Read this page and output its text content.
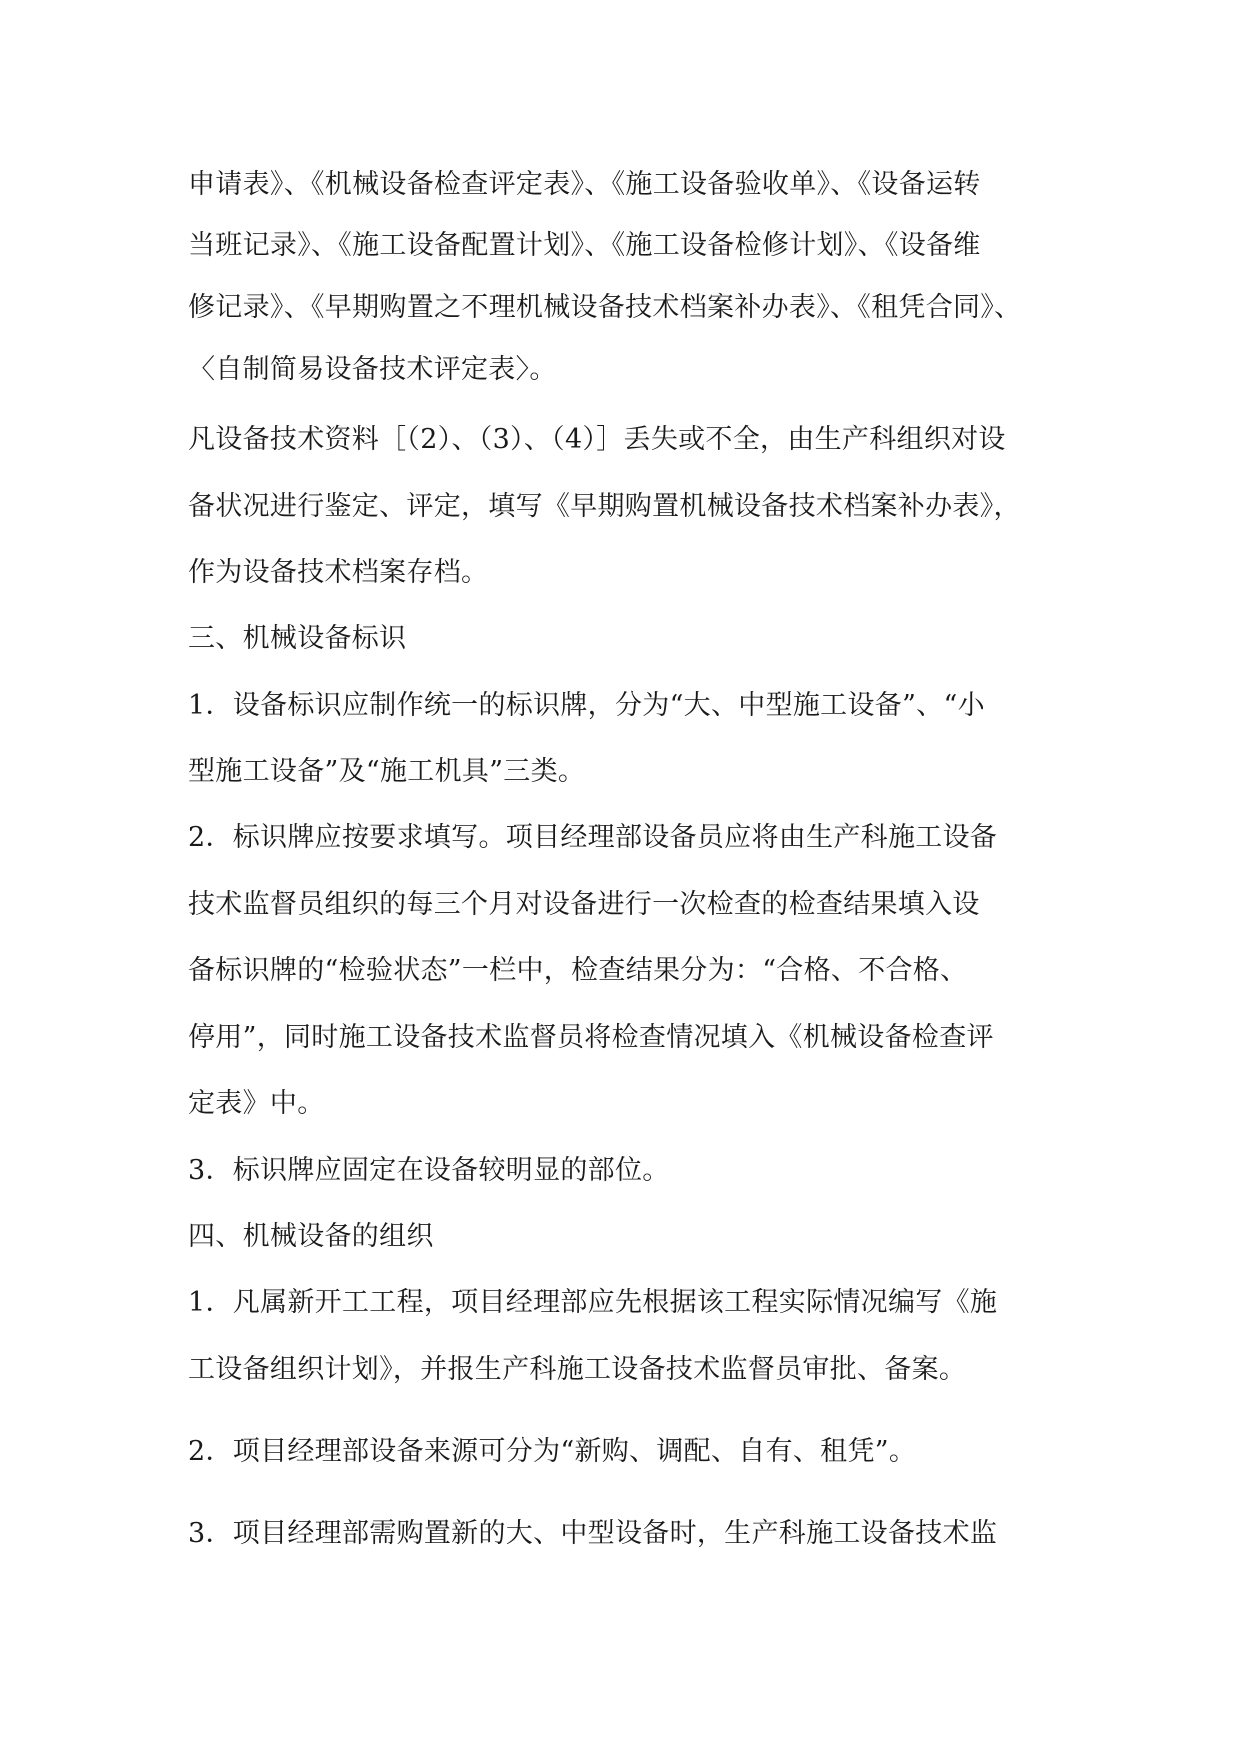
申请表》、《机械设备检查评定表》、《施工设备验收单》、《设备运转
当班记录》、《施工设备配置计划》、《施工设备检修计划》、《设备维
修记录》、《早期购置之不理机械设备技术档案补办表》、《租凭合同》、
〈自制简易设备技术评定表〉。
凡设备技术资料［（2）、（3）、（4）］丢失或不全，由生产科组织对设
备状况进行鉴定、评定，填写《早期购置机械设备技术档案补办表》，
作为设备技术档案存档。
三、机械设备标识
1．设备标识应制作统一的标识牌，分为“大、中型施工设备”、“小
型施工设备”及“施工机具”三类。
2．标识牌应按要求填写。项目经理部设备员应将由生产科施工设备
技术监督员组织的每三个月对设备进行一次检查的检查结果填入设
备标识牌的“检验状态”一栏中，检查结果分为：“合格、不合格、
停用”，同时施工设备技术监督员将检查情况填入《机械设备检查评
定表》中。
3．标识牌应固定在设备较明显的部位。
四、机械设备的组织
1．凡属新开工工程，项目经理部应先根据该工程实际情况编写《施
工设备组织计划》，并报生产科施工设备技术监督员审批、备案。
2．项目经理部设备来源可分为“新购、调配、自有、租凭”。
3．项目经理部需购置新的大、中型设备时，生产科施工设备技术监
